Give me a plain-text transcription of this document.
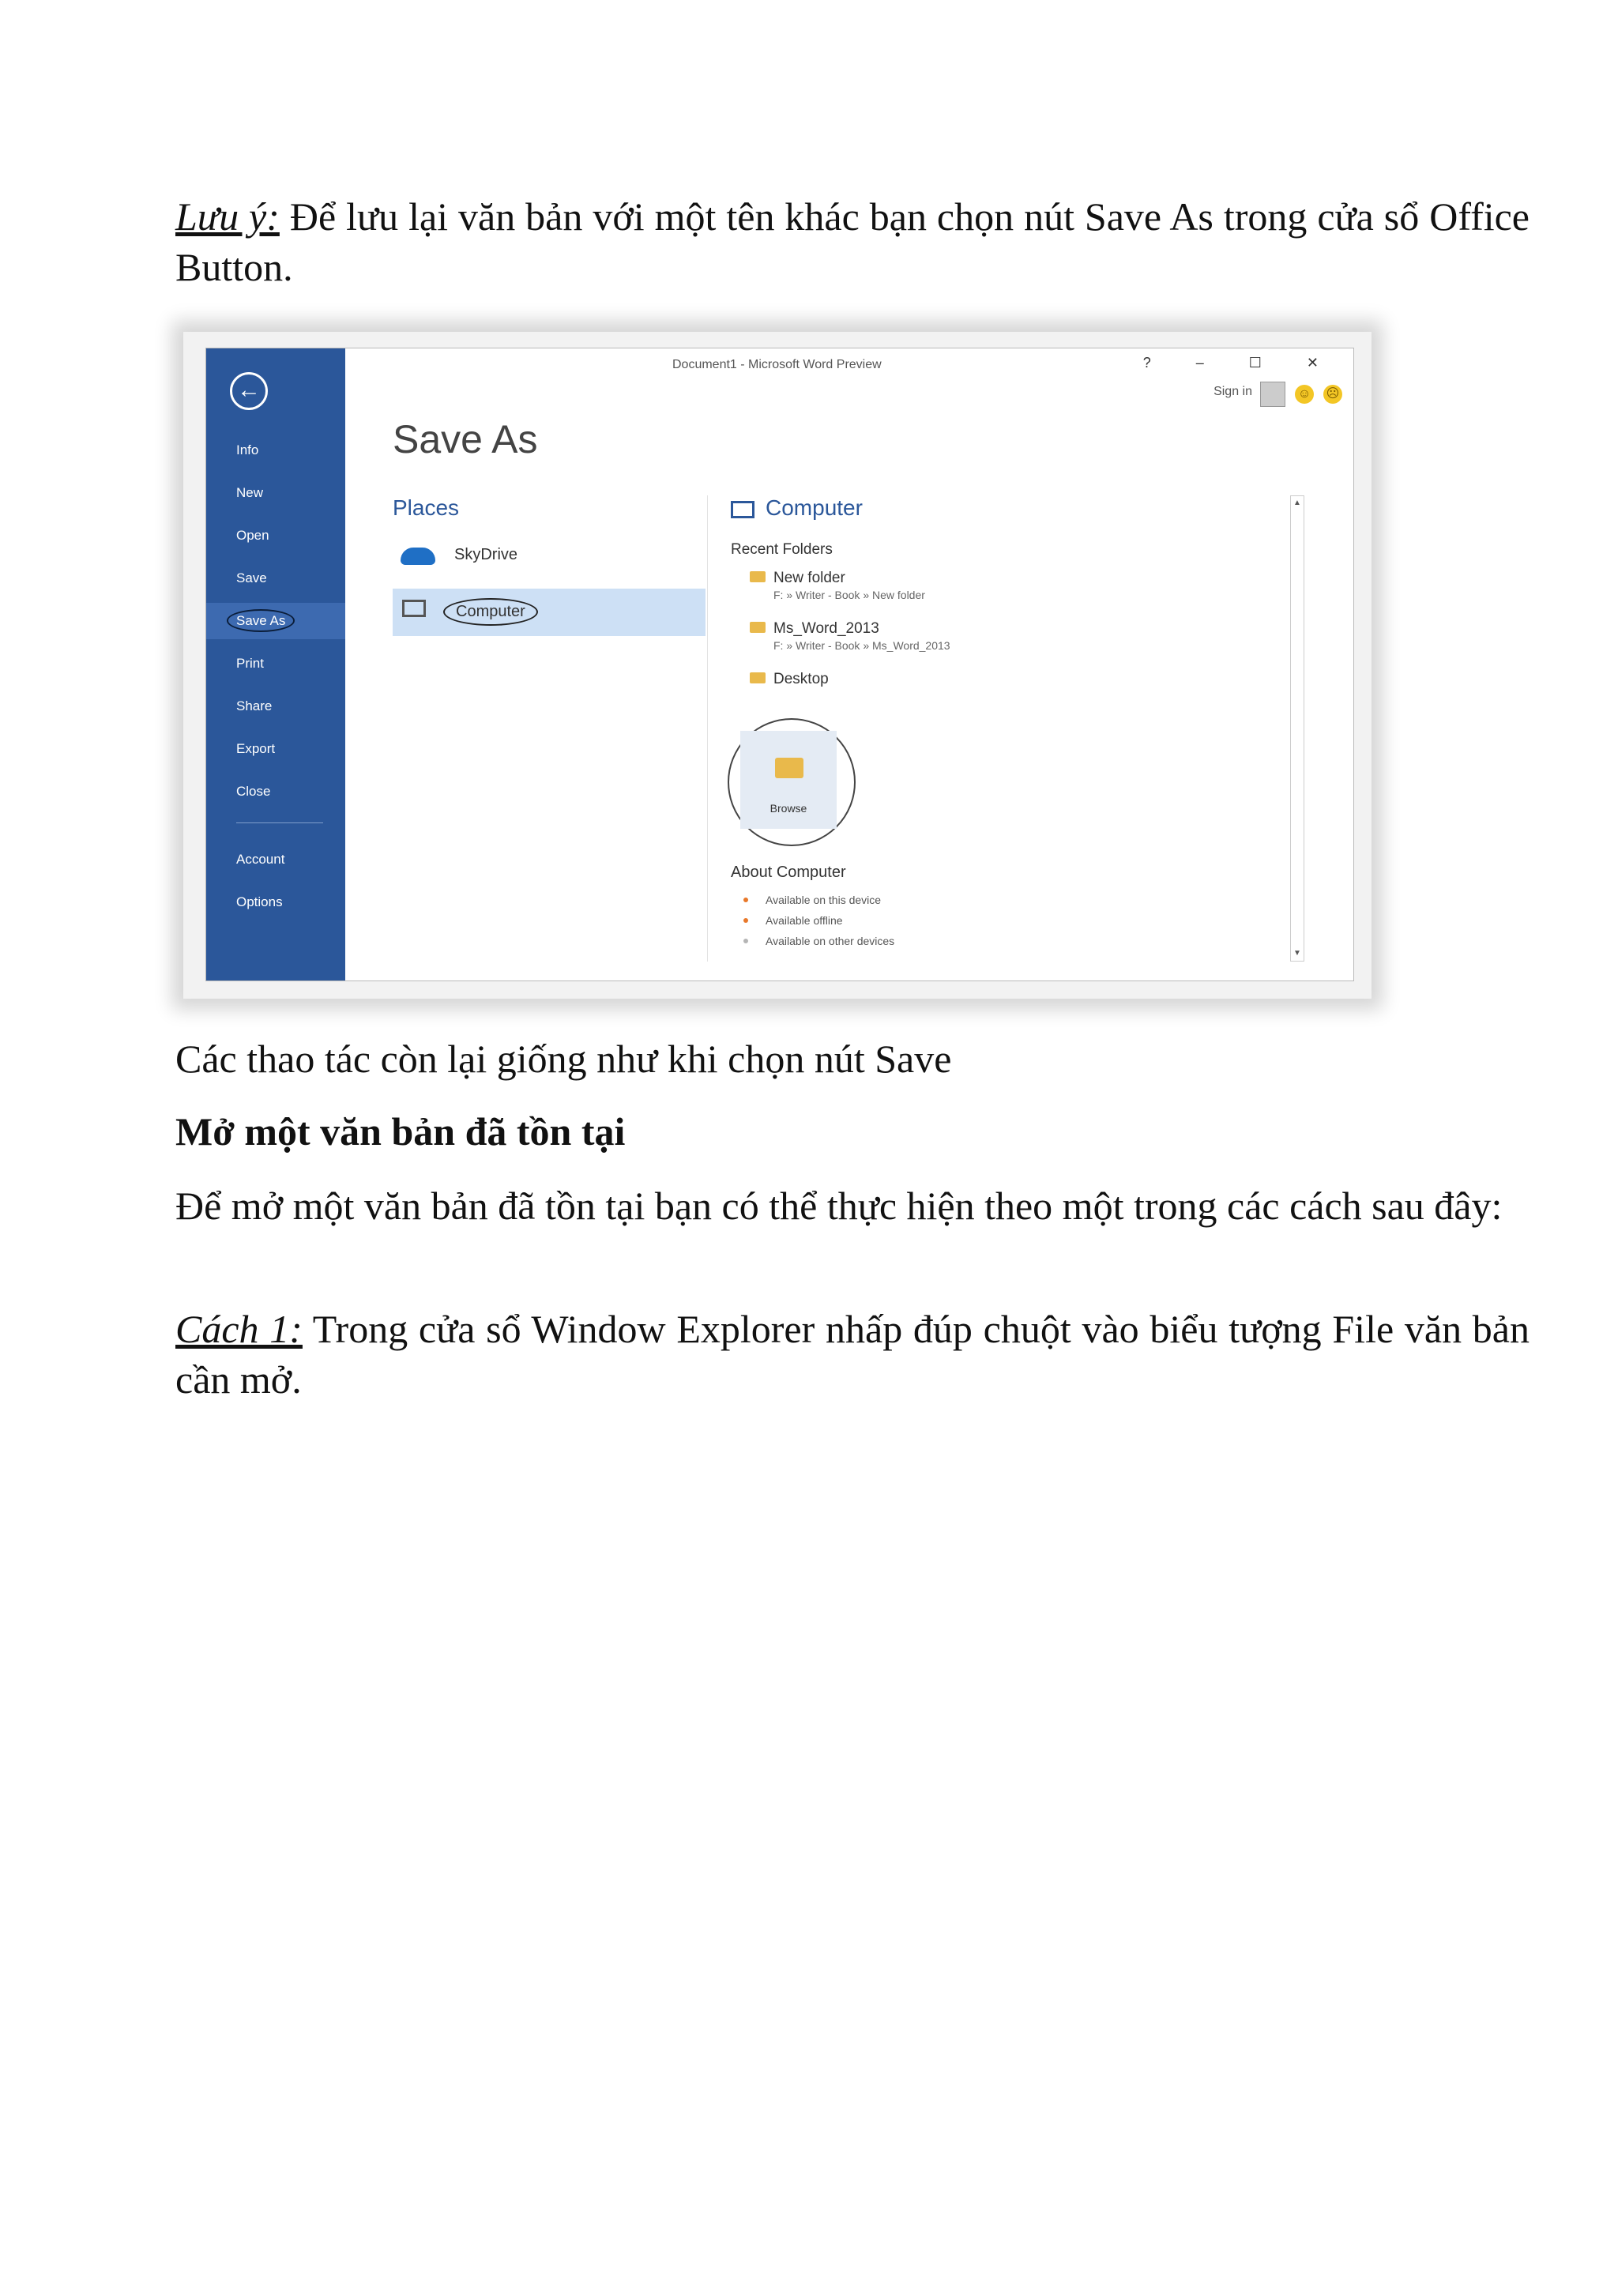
Lưu ý: Để lưu lại văn bản với một tên khác bạn chọn nút Save As trong cửa sổ Office Button.

←
Info
New
Open
Save
Save As
Print
Share
Export
Close
Account
Options
Document1 - Microsoft Word Preview	? – ☐ ✕
Sign in	☺ ☹
Save As
Places
SkyDrive
Computer
Computer
Recent Folders
New folder
F: » Writer - Book » New folder
Ms_Word_2013
F: » Writer - Book » Ms_Word_2013
Desktop
Browse
About Computer
Available on this device
Available offline
Available on other devices
▲
▼

Các thao tác còn lại giống như khi chọn nút Save

Mở một văn bản đã tồn tại

Để mở một văn bản đã tồn tại bạn có thể thực hiện theo một trong các cách sau đây:

Cách 1: Trong cửa sổ Window Explorer nhấp đúp chuột vào biểu tượng File văn bản cần mở.
